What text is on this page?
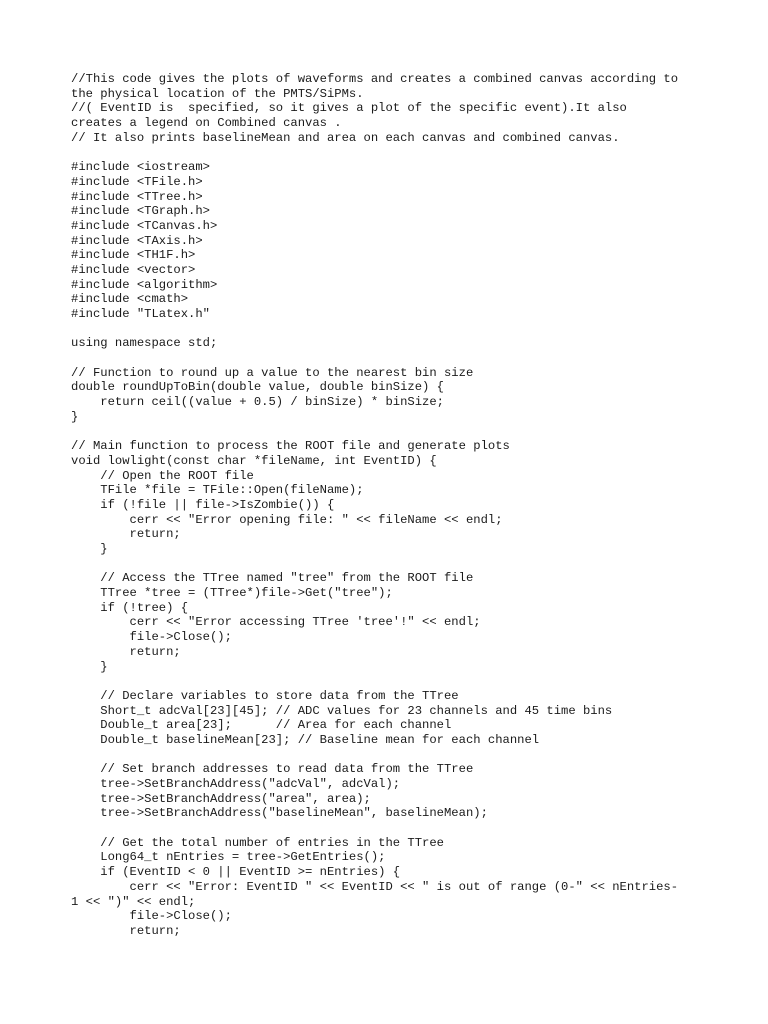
//This code gives the plots of waveforms and creates a combined canvas according to
the physical location of the PMTS/SiPMs.
//( EventID is  specified, so it gives a plot of the specific event).It also
creates a legend on Combined canvas .
// It also prints baselineMean and area on each canvas and combined canvas.
#include <iostream>
#include <TFile.h>
#include <TTree.h>
#include <TGraph.h>
#include <TCanvas.h>
#include <TAxis.h>
#include <TH1F.h>
#include <vector>
#include <algorithm>
#include <cmath>
#include "TLatex.h"
using namespace std;
// Function to round up a value to the nearest bin size
double roundUpToBin(double value, double binSize) {
return ceil((value + 0.5) / binSize) * binSize;
}
// Main function to process the ROOT file and generate plots
void lowlight(const char *fileName, int EventID) {
// Open the ROOT file
TFile *file = TFile::Open(fileName);
if (!file || file->IsZombie()) {
cerr << "Error opening file: " << fileName << endl;
return;
}
// Access the TTree named "tree" from the ROOT file
TTree *tree = (TTree*)file->Get("tree");
if (!tree) {
cerr << "Error accessing TTree 'tree'!" << endl;
file->Close();
return;
}
// Declare variables to store data from the TTree
Short_t adcVal[23][45]; // ADC values for 23 channels and 45 time bins
Double_t area[23];      // Area for each channel
Double_t baselineMean[23]; // Baseline mean for each channel
// Set branch addresses to read data from the TTree
tree->SetBranchAddress("adcVal", adcVal);
tree->SetBranchAddress("area", area);
tree->SetBranchAddress("baselineMean", baselineMean);
// Get the total number of entries in the TTree
Long64_t nEntries = tree->GetEntries();
if (EventID < 0 || EventID >= nEntries) {
cerr << "Error: EventID " << EventID << " is out of range (0-" << nEntries-
1 << ")" << endl;
file->Close();
return;
